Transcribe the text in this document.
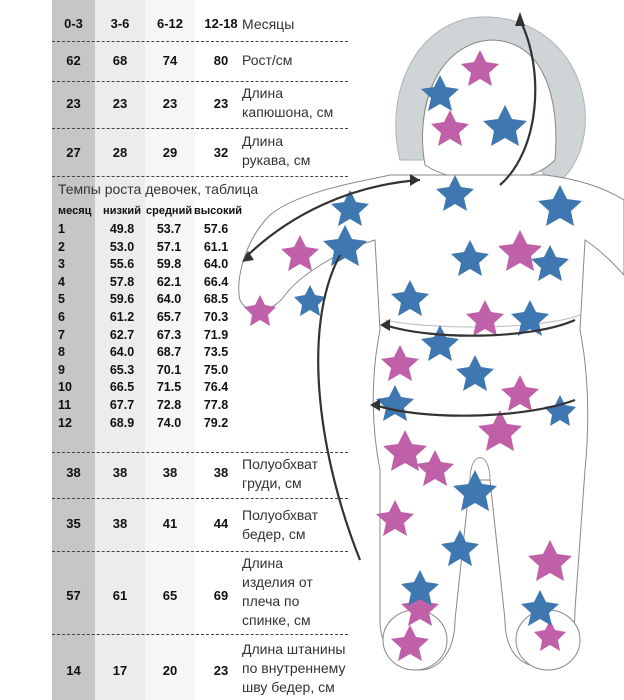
0-3	3-6	6-12	12-18 Месяцы
62	68	74	80 Рост/см
23	23	23	23
Длина
капюшона, см
27	28	29	32
Длина
рукава, см
Темпы роста девочек, таблица
месяц низкий средний высокий
1	49.8	53.7	57.6
2	53.0	57.1	61.1
3	55.6	59.8	64.0
4	57.8	62.1	66.4
5	59.6	64.0	68.5
6	61.2	65.7	70.3
7	62.7	67.3	71.9
8	64.0	68.7	73.5
9	65.3	70.1	75.0
10	66.5	71.5	76.4
11	67.7	72.8	77.8
12	68.9	74.0	79.2
38	38	38	38
Полуобхват
груди, см
35	38	41	44
Полуобхват
бедер, см
57	61	65	69
Длина
изделия от
плеча по
спинке, см
14	17	20	23
Длина штанины
по внутреннему
шву бедер, см
